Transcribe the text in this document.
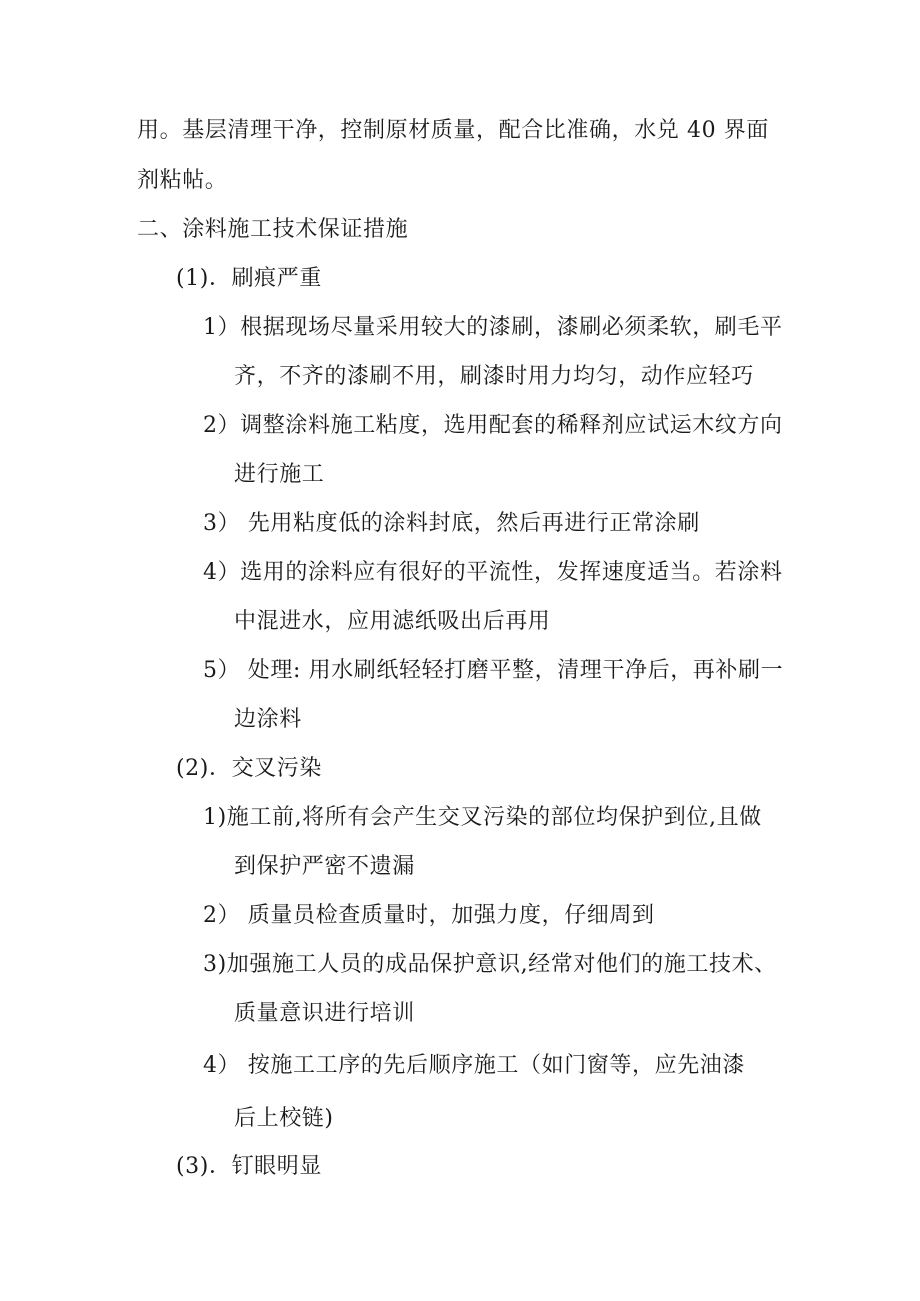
用。基层清理干净，控制原材质量，配合比准确，水兑 40 界面
剂粘帖。
二、涂料施工技术保证措施
(1)．刷痕严重
1）根据现场尽量采用较大的漆刷，漆刷必须柔软，刷毛平
齐，不齐的漆刷不用，刷漆时用力均匀，动作应轻巧
2）调整涂料施工粘度，选用配套的稀释剂应试运木纹方向
进行施工
3） 先用粘度低的涂料封底，然后再进行正常涂刷
4）选用的涂料应有很好的平流性，发挥速度适当。若涂料
中混进水，应用滤纸吸出后再用
5） 处理: 用水刷纸轻轻打磨平整，清理干净后，再补刷一
边涂料
(2)．交叉污染
1)施工前,将所有会产生交叉污染的部位均保护到位,且做
到保护严密不遗漏
2） 质量员检查质量时，加强力度，仔细周到
3)加强施工人员的成品保护意识,经常对他们的施工技术、
质量意识进行培训
4） 按施工工序的先后顺序施工（如门窗等，应先油漆
后上校链)
(3)．钉眼明显
